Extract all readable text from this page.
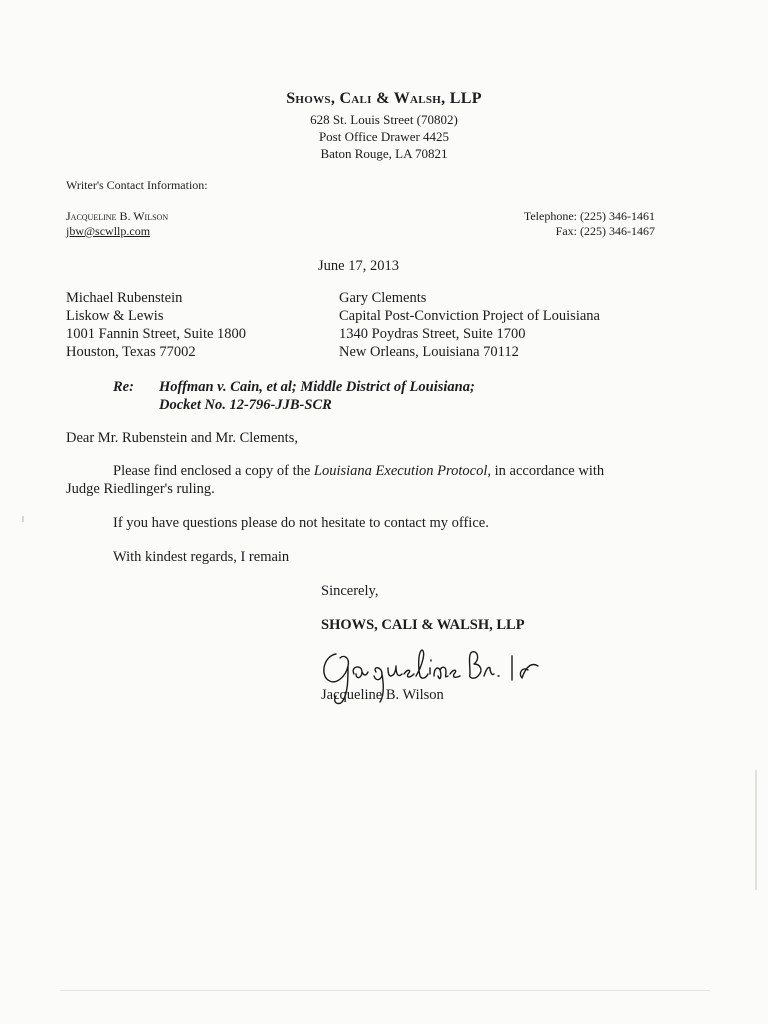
Shows, Cali & Walsh, LLP
628 St. Louis Street (70802)
Post Office Drawer 4425
Baton Rouge, LA 70821
Writer's Contact Information:
Jacqueline B. Wilson
jbw@scwllp.com
Telephone: (225) 346-1461
Fax: (225) 346-1467
June 17, 2013
Michael Rubenstein
Liskow & Lewis
1001 Fannin Street, Suite 1800
Houston, Texas 77002
Gary Clements
Capital Post-Conviction Project of Louisiana
1340 Poydras Street, Suite 1700
New Orleans, Louisiana 70112
Re: Hoffman v. Cain, et al; Middle District of Louisiana;
Docket No. 12-796-JJB-SCR
Dear Mr. Rubenstein and Mr. Clements,
Please find enclosed a copy of the Louisiana Execution Protocol, in accordance with
Judge Riedlinger's ruling.
If you have questions please do not hesitate to contact my office.
With kindest regards, I remain
Sincerely,
SHOWS, CALI & WALSH, LLP
Jacqueline B. Wilson
